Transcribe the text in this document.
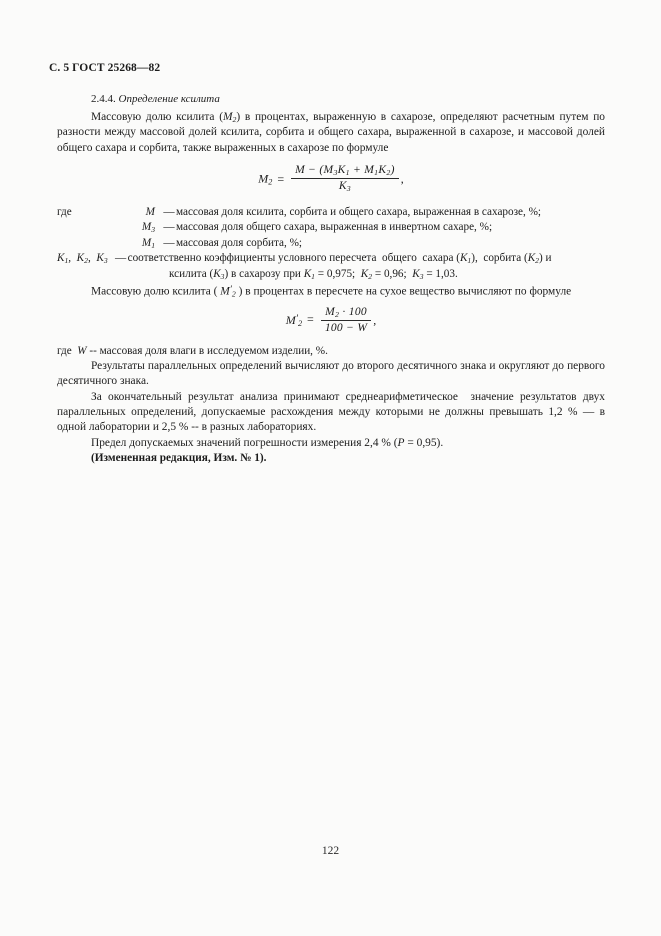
С. 5 ГОСТ 25268—82

2.4.4. Определение ксилита

Массовую долю ксилита $(M_2)$ в процентах, выраженную в сахарозе, определяют расчетным путем по разности между массовой долей ксилита, сорбита и общего сахара, выраженной в сахарозе, и массовой долей общего сахара и сорбита, также выраженных в сахарозе по формуле

$M_2 = \frac{M - (M_3K_1 + M_1K_2)}{K_3}$ ,
где	M — массовая доля ксилита, сорбита и общего сахара, выраженная в сахарозе, %;
$M_3$ — массовая доля общего сахара, выраженная в инвертном сахаре, %;
$M_1$ — массовая доля сорбита, %;
$K_1$,  $K_2$,  $K_3$ — соответственно коэффициенты условного пересчета  общего  сахара $(K_1)$,  сорбита $(K_2)$ и
ксилита $(K_3)$ в сахарозу при $K_1 = 0,975$;  $K_2 = 0,96$;  $K_3 = 1,03$.

Массовую долю ксилита ( $M'_2$ ) в процентах в пересчете на сухое вещество вычисляют по формуле

$M'_2 = \frac{M_2 \cdot 100}{100 - W}$ ,

где  W -- массовая доля влаги в исследуемом изделии, %.

Результаты параллельных определений вычисляют до второго десятичного знака и округляют до первого десятичного знака.

За окончательный результат анализа принимают среднеарифметическое  значение результатов двух параллельных определений, допускаемые расхождения между которыми не должны превышать 1,2 % — в одной лаборатории и 2,5 % -- в разных лабораториях.

Предел допускаемых значений погрешности измерения 2,4 % (P = 0,95).

(Измененная редакция, Изм. № 1).

122
